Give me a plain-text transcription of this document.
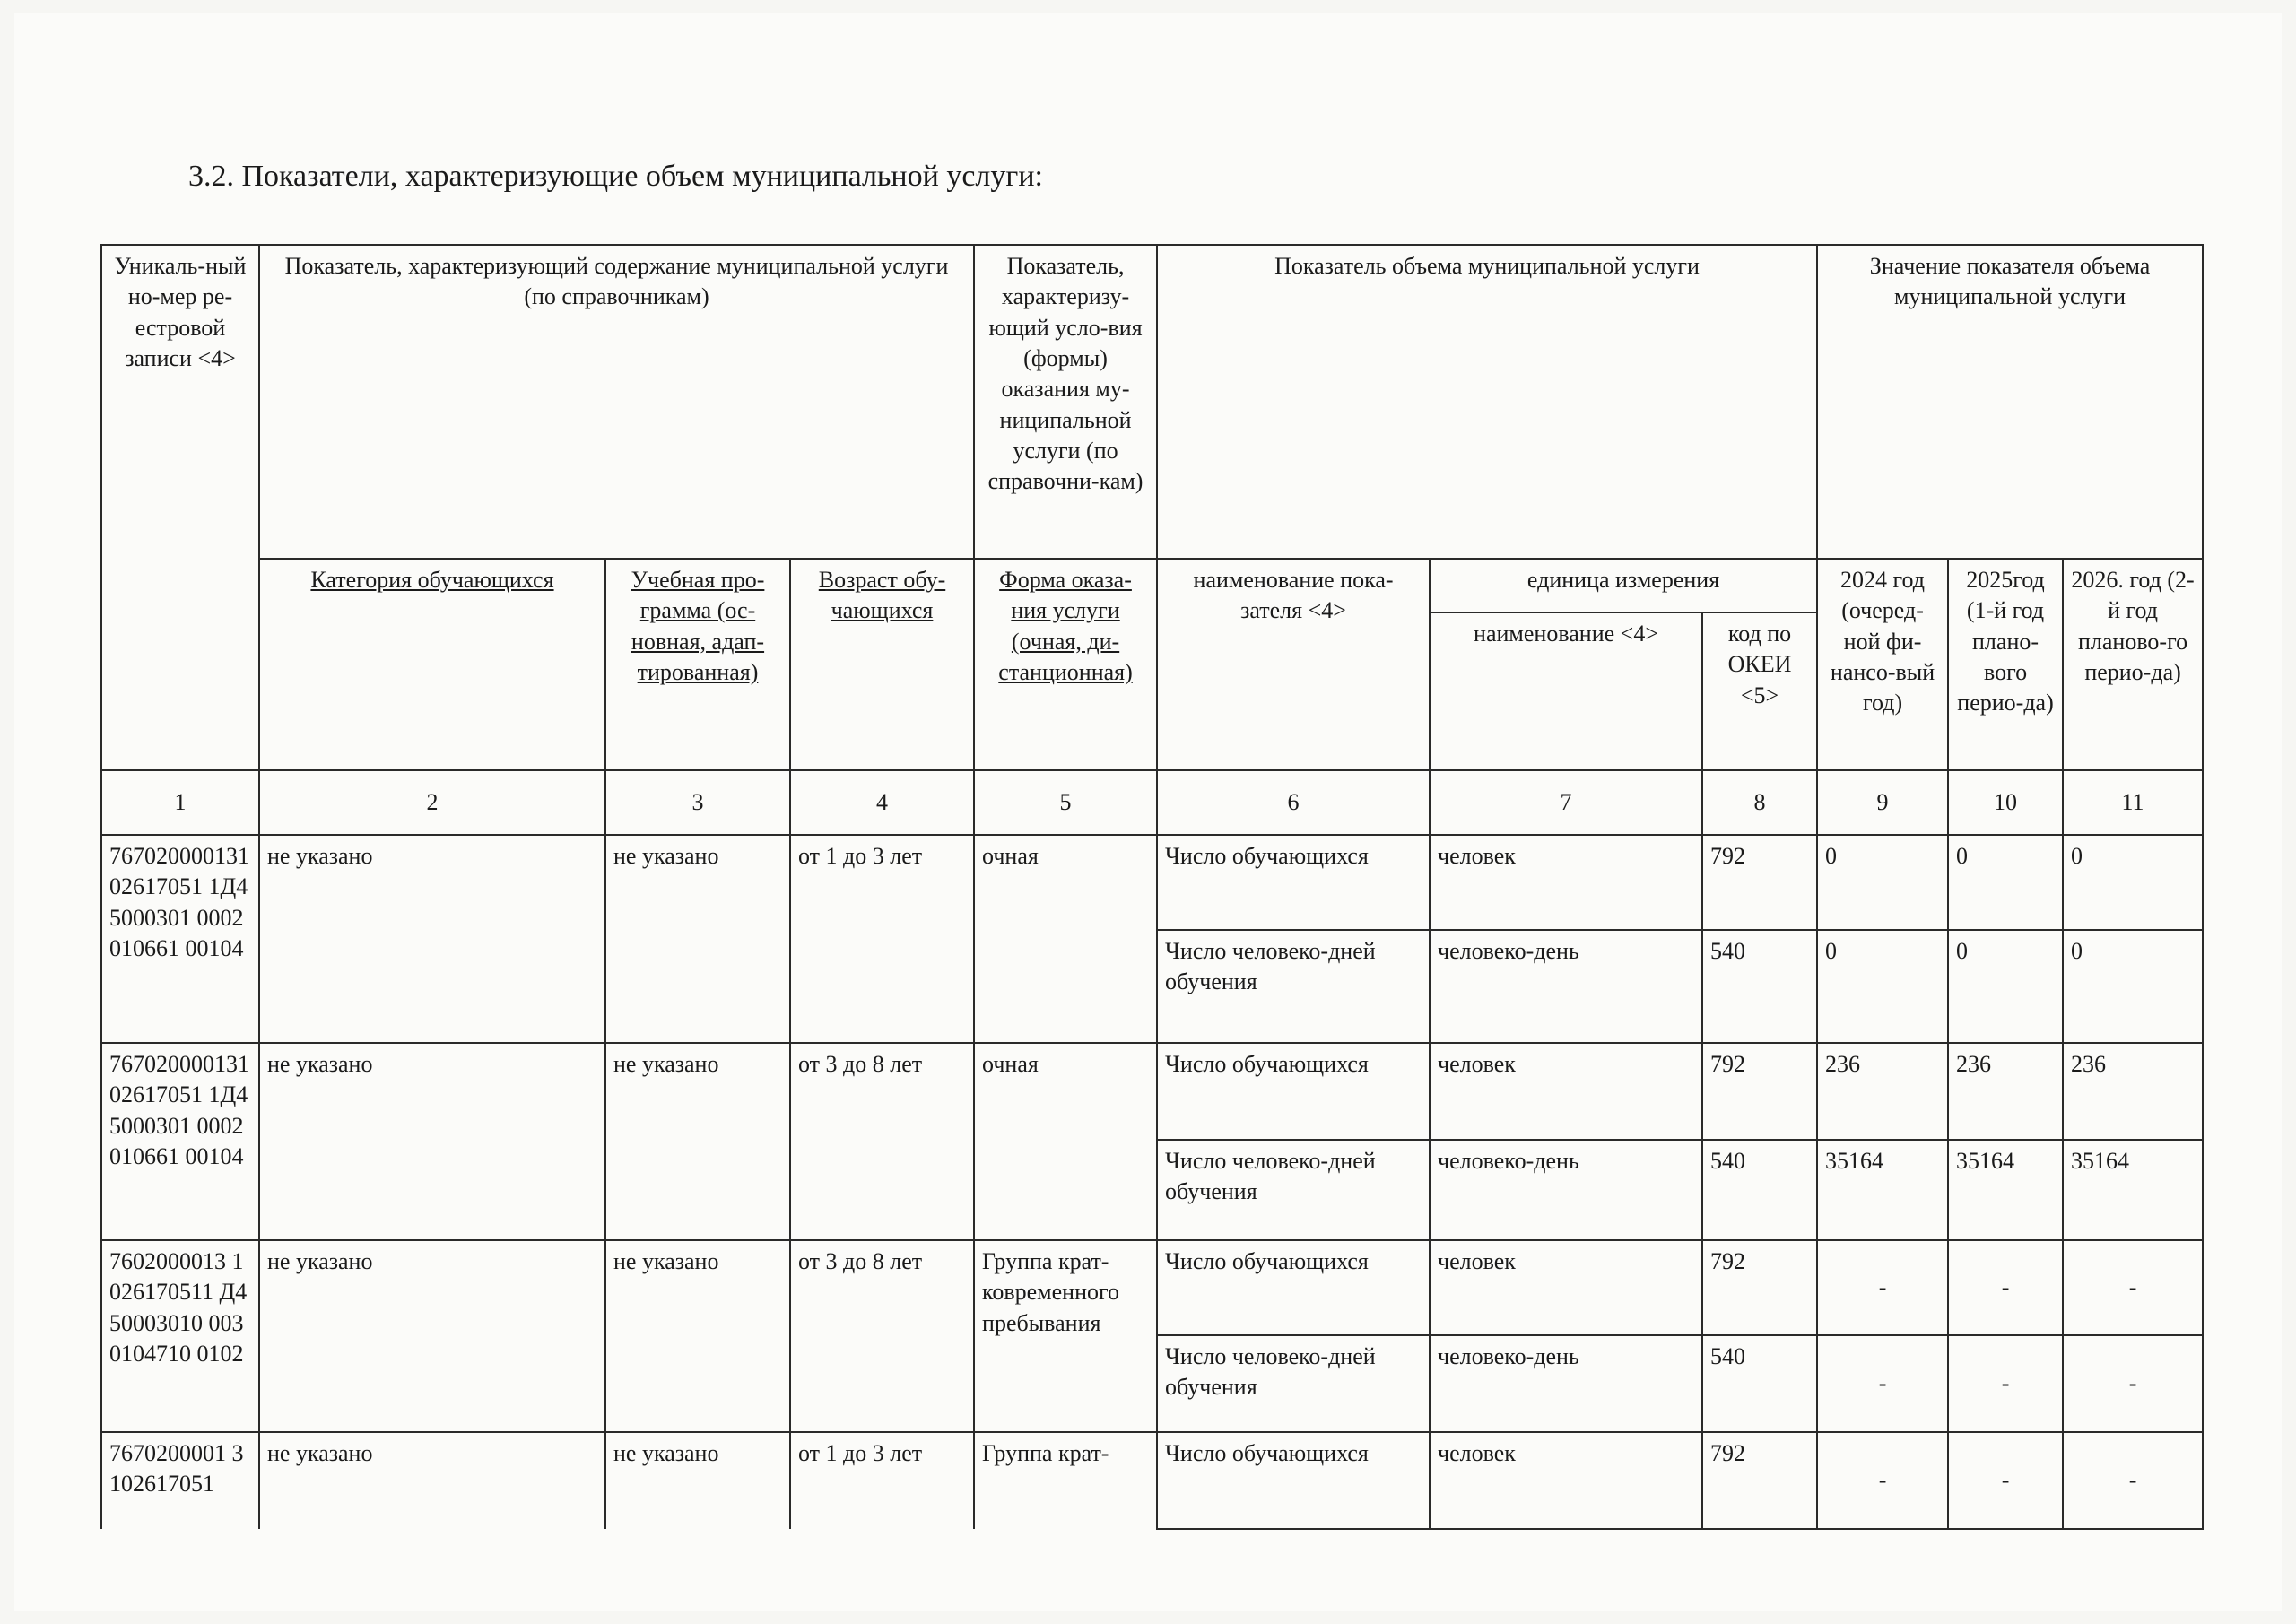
3.2. Показатели, характеризующие объем муниципальной услуги:
Уникаль-ный но-мер ре-естровой записи <4>	Показатель, характеризующий содержание муниципальной услуги (по справочникам)			Показатель, характеризу-ющий усло-вия (формы) оказания му-ниципальной услуги (по справочни-кам)	Показатель объема муниципальной услуги			Значение показателя объема муниципальной услуги		
	Категория обучающихся	Учебная про-грамма (ос-новная, адап-тированная)	Возраст обу-чающихся	Форма оказа-ния услуги (очная, ди-станционная)	наименование пока-зателя <4>	единица измерения		2024 год (очеред-ной фи-нансо-вый год)	2025год (1-й год плано-вого перио-да)	2026. год (2-й год планово-го перио-да)
						наименование <4>	код по ОКЕИ <5>			
1	2	3	4	5	6	7	8	9	10	11
76702000013102617051 1Д45000301 0002010661 00104	не указано	не указано	от 1 до 3 лет	очная	Число обучающихся	человек	792	0	0	0
					Число человеко-дней обучения	человеко-день	540	0	0	0
76702000013102617051 1Д45000301 0002010661 00104	не указано	не указано	от 3 до 8 лет	очная	Число обучающихся	человек	792	236	236	236
					Число человеко-дней обучения	человеко-день	540	35164	35164	35164
7602000013 1026170511 Д450003010 0030104710 0102	не указано	не указано	от 3 до 8 лет	Группа крат-ковременного пребывания	Число обучающихся	человек	792	-	-	-
					Число человеко-дней обучения	человеко-день	540	-	-	-
7670200001 3102617051	не указано	не указано	от 1 до 3 лет	Группа крат-	Число обучающихся	человек	792	-	-	-
